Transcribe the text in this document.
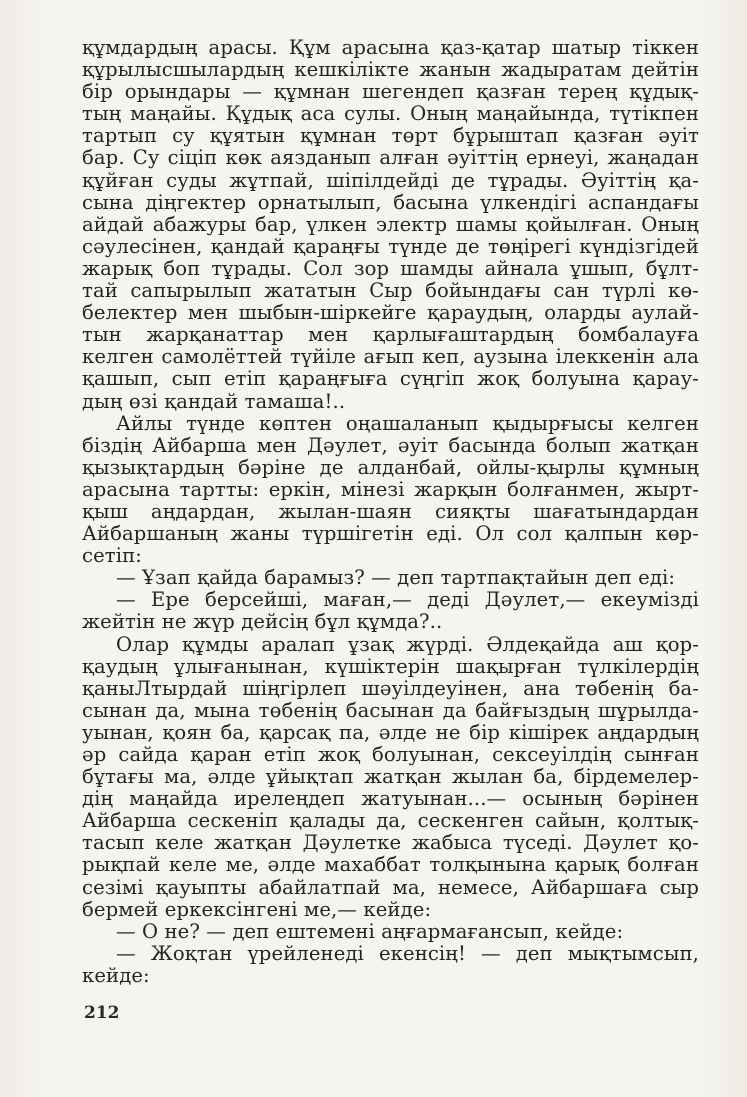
құмдардың арасы. Құм арасына қаз-қатар шатыр тіккен
құрылысшылардың кешкілікте жанын жадыратам дейтін
бір орындары — құмнан шегендеп қазған терең құдық-
тың маңайы. Құдық аса сулы. Оның маңайында, түтікпен
тартып су құятын құмнан төрт бұрыштап қазған әуіт
бар. Су сіціп көк аязданып алған әуіттің ернеуі, жаңадан
құйған суды жұтпай, шіпілдейді де тұрады. Әуіттің қа-
сына діңгектер орнатылып, басына үлкендігі аспандағы
айдай абажуры бар, үлкен электр шамы қойылған. Оның
сәулесінен, қандай қараңғы түнде де төңірегі күндізгідей
жарық боп тұрады. Сол зор шамды айнала ұшып, бұлт-
тай сапырылып жататын Сыр бойындағы сан түрлі кө-
белектер мен шыбын-шіркейге қараудың, оларды аулай-
тын жарқанаттар мен қарлығаштардың бомбалауға
келген самолёттей түйіле ағып кеп, аузына ілеккенін ала
қашып, сып етіп қараңғыға сүңгіп жоқ болуына қарау-
дың өзі қандай тамаша!..
Айлы түнде көптен оңашаланып қыдырғысы келген
біздің Айбарша мен Дәулет, әуіт басында болып жатқан
қызықтардың бәріне де алданбай, ойлы-қырлы құмның
арасына тартты: еркін, мінезі жарқын болғанмен, жырт-
қыш аңдардан, жылан-шаян сияқты шағатындардан
Айбаршаның жаны түршігетін еді. Ол сол қалпын көр-
сетіп:
— Ұзап қайда барамыз? — деп тартпақтайын деп еді:
— Ере берсейші, маған,— деді Дәулет,— екеумізді
жейтін не жүр дейсің бұл құмда?..
Олар құмды аралап ұзақ жүрді. Әлдеқайда аш қор-
қаудың ұлығанынан, күшіктерін шақырған түлкілердің
қаныЛтырдай шіңгірлеп шәуілдеуінен, ана төбенің ба-
сынан да, мына төбенің басынан да байғыздың шұрылда-
уынан, қоян ба, қарсақ па, әлде не бір кішірек аңдардың
әр сайда қаран етіп жоқ болуынан, сексеуілдің сынған
бұтағы ма, әлде ұйықтап жатқан жылан ба, бірдемелер-
дің маңайда ирелеңдеп жатуынан...— осының бәрінен
Айбарша сескеніп қалады да, сескенген сайын, қолтық-
тасып келе жатқан Дәулетке жабыса түседі. Дәулет қо-
рықпай келе ме, әлде махаббат толқынына қарық болған
сезімі қауыпты абайлатпай ма, немесе, Айбаршаға сыр
бермей еркексінгені ме,— кейде:
— О не? — деп ештемені аңғармағансып, кейде:
— Жоқтан үрейленеді екенсің! — деп мықтымсып,
кейде:
212
